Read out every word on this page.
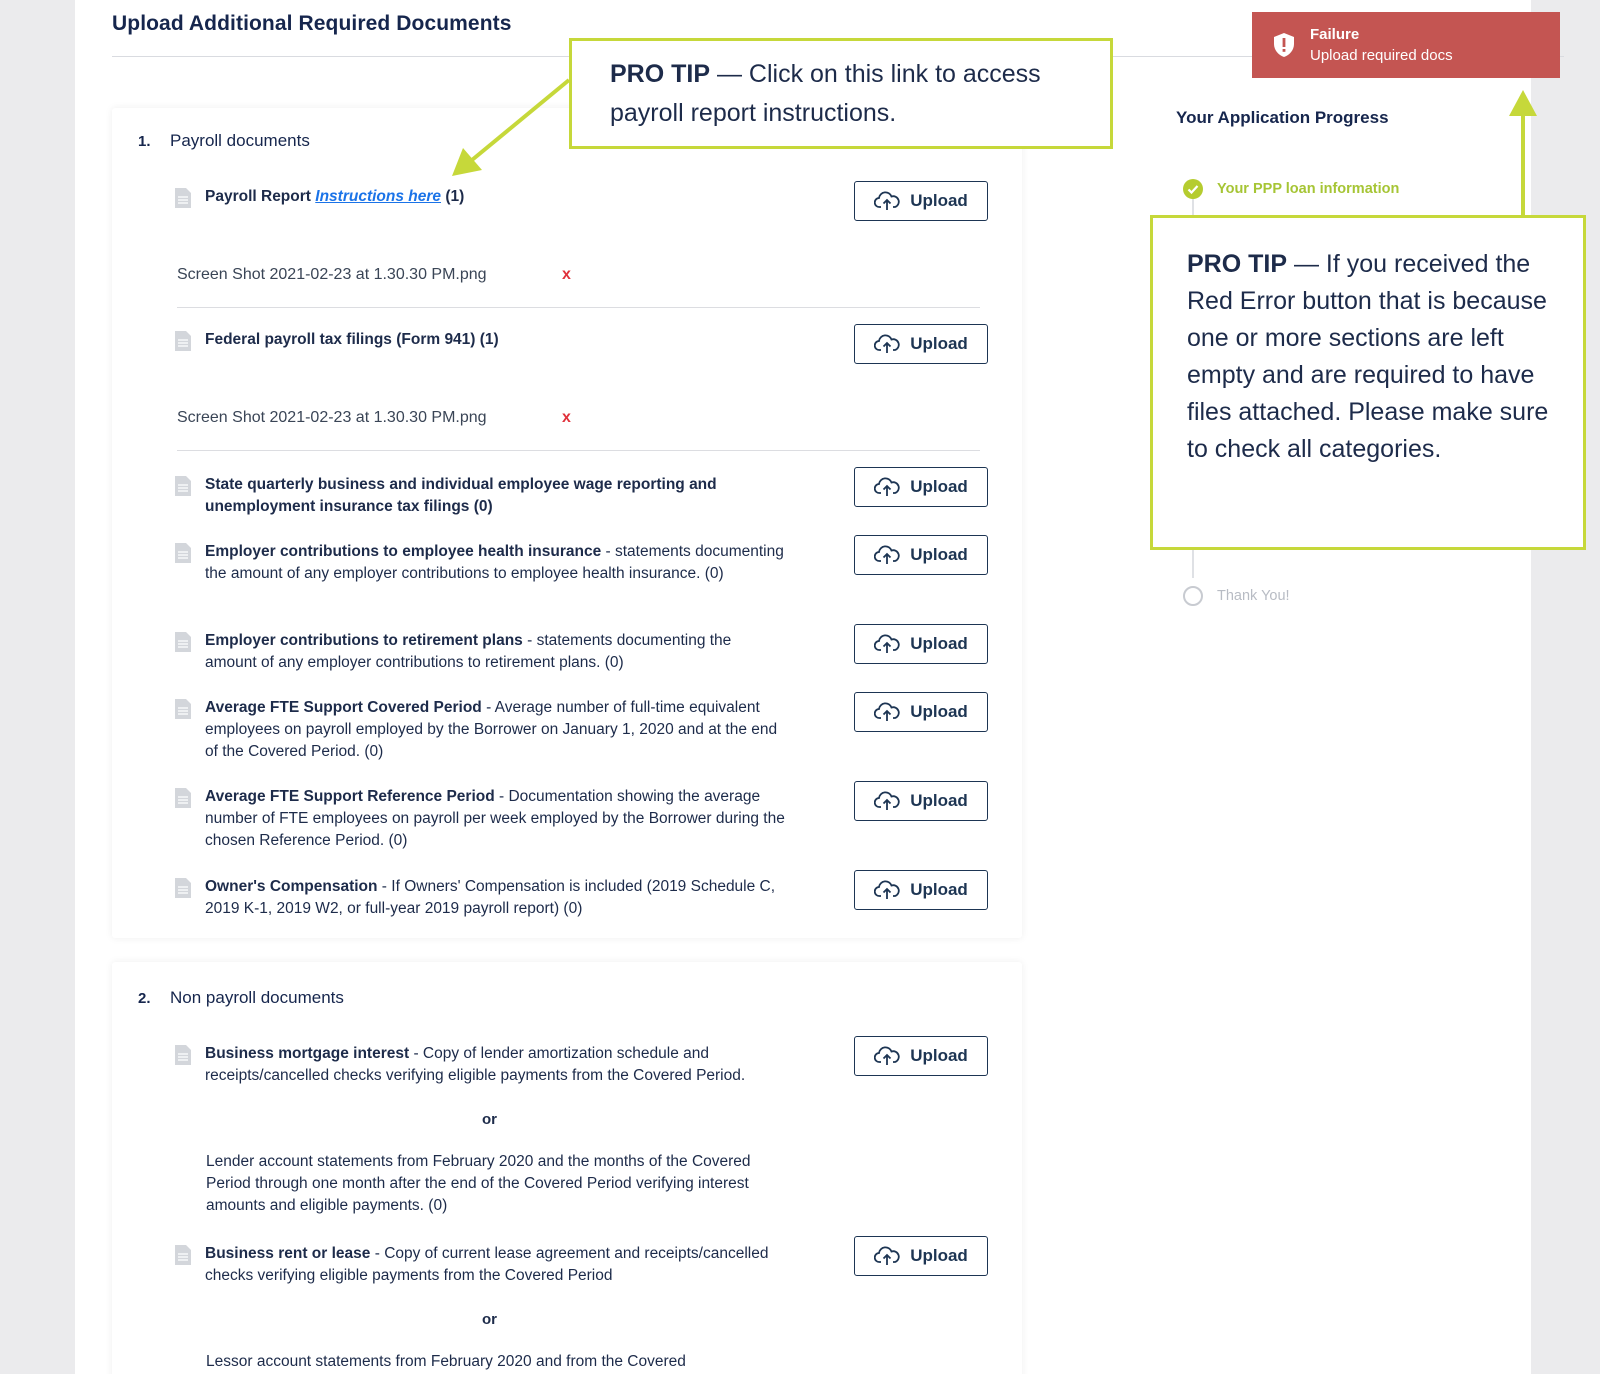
Upload Additional Required Documents
1. Payroll documents
Payroll Report Instructions here (1)	Upload
Screen Shot 2021-02-23 at 1.30.30 PM.png	x
Federal payroll tax filings (Form 941) (1)	Upload
Screen Shot 2021-02-23 at 1.30.30 PM.png	x
State quarterly business and individual employee wage reporting and unemployment insurance tax filings (0)
Upload
Employer contributions to employee health insurance - statements documenting the amount of any employer contributions to employee health insurance. (0)
Upload
Employer contributions to retirement plans - statements documenting the amount of any employer contributions to retirement plans. (0)
Upload
Average FTE Support Covered Period - Average number of full-time equivalent employees on payroll employed by the Borrower on January 1, 2020 and at the end of the Covered Period. (0)
Upload
Average FTE Support Reference Period - Documentation showing the average number of FTE employees on payroll per week employed by the Borrower during the chosen Reference Period. (0)
Upload
Owner's Compensation - If Owners' Compensation is included (2019 Schedule C, 2019 K-1, 2019 W2, or full-year 2019 payroll report) (0)
Upload
2. Non payroll documents
Business mortgage interest - Copy of lender amortization schedule and receipts/cancelled checks verifying eligible payments from the Covered Period.
Upload
or
Lender account statements from February 2020 and the months of the Covered Period through one month after the end of the Covered Period verifying interest amounts and eligible payments. (0)
Business rent or lease - Copy of current lease agreement and receipts/cancelled checks verifying eligible payments from the Covered Period
Upload
or
Lessor account statements from February 2020 and from the Covered
Your Application Progress
Your PPP loan information
Thank You!
Failure
Upload required docs
PRO TIP — Click on this link to access payroll report instructions.
PRO TIP — If you received the Red Error button that is because one or more sections are left empty and are required to have files attached. Please make sure to check all categories.
